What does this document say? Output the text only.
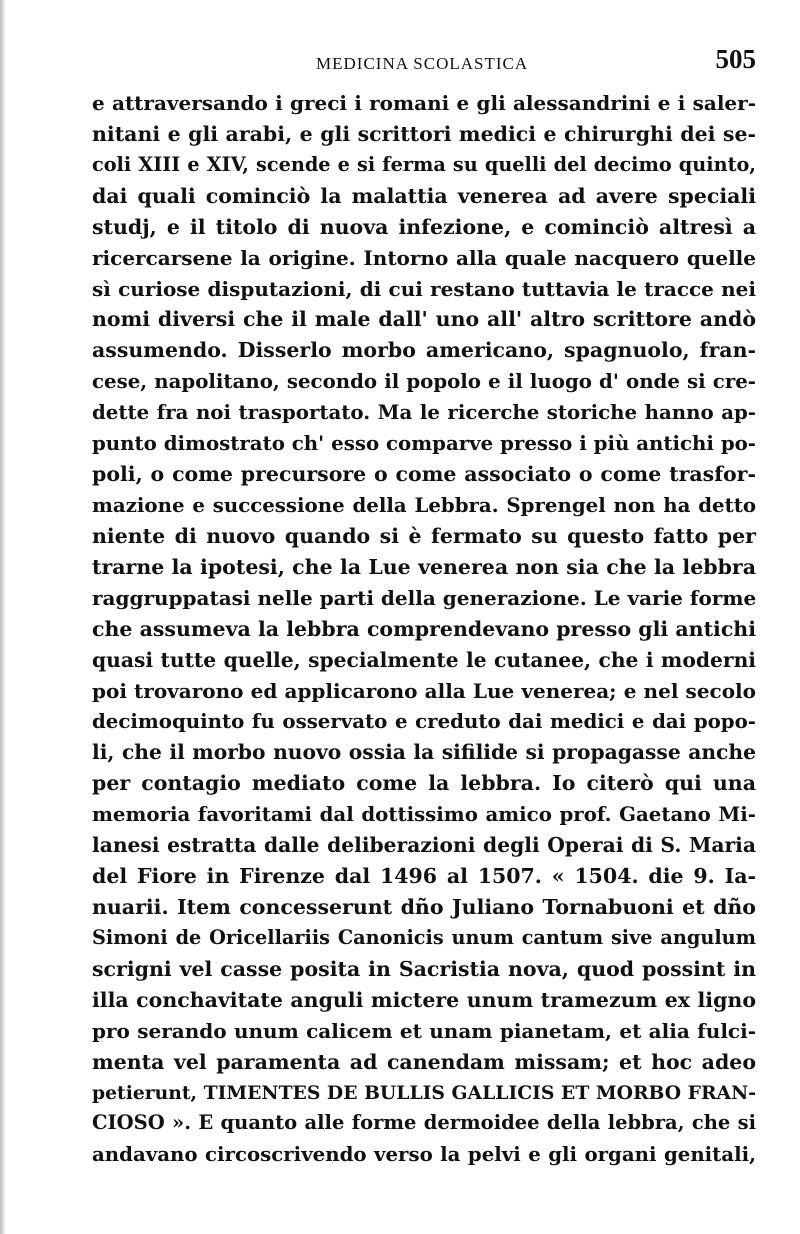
MEDICINA SCOLASTICA	505
e attraversando i greci i romani e gli alessandrini e i saler-
nitani e gli arabi, e gli scrittori medici e chirurghi dei se-
coli XIII e XIV, scende e si ferma su quelli del decimo quinto,
dai quali cominciò la malattia venerea ad avere speciali
studj, e il titolo di nuova infezione, e cominciò altresì a
ricercarsene la origine. Intorno alla quale nacquero quelle
sì curiose disputazioni, di cui restano tuttavia le tracce nei
nomi diversi che il male dall' uno all' altro scrittore andò
assumendo. Disserlo morbo americano, spagnuolo, fran-
cese, napolitano, secondo il popolo e il luogo d' onde si cre-
dette fra noi trasportato. Ma le ricerche storiche hanno ap-
punto dimostrato ch' esso comparve presso i più antichi po-
poli, o come precursore o come associato o come trasfor-
mazione e successione della Lebbra. Sprengel non ha detto
niente di nuovo quando si è fermato su questo fatto per
trarne la ipotesi, che la Lue venerea non sia che la lebbra
raggruppatasi nelle parti della generazione. Le varie forme
che assumeva la lebbra comprendevano presso gli antichi
quasi tutte quelle, specialmente le cutanee, che i moderni
poi trovarono ed applicarono alla Lue venerea; e nel secolo
decimoquinto fu osservato e creduto dai medici e dai popo-
li, che il morbo nuovo ossia la sifilide si propagasse anche
per contagio mediato come la lebbra. Io citerò qui una
memoria favoritami dal dottissimo amico prof. Gaetano Mi-
lanesi estratta dalle deliberazioni degli Operai di S. Maria
del Fiore in Firenze dal 1496 al 1507. « 1504. die 9. Ia-
nuarii. Item concesserunt dño Juliano Tornabuoni et dño
Simoni de Oricellariis Canonicis unum cantum sive angulum
scrigni vel casse posita in Sacristia nova, quod possint in
illa conchavitate anguli mictere unum tramezum ex ligno
pro serando unum calicem et unam pianetam, et alia fulci-
menta vel paramenta ad canendam missam; et hoc adeo
petierunt, TIMENTES DE BULLIS GALLICIS ET MORBO FRAN-
CIOSO ». E quanto alle forme dermoidee della lebbra, che si
andavano circoscrivendo verso la pelvi e gli organi genitali,
